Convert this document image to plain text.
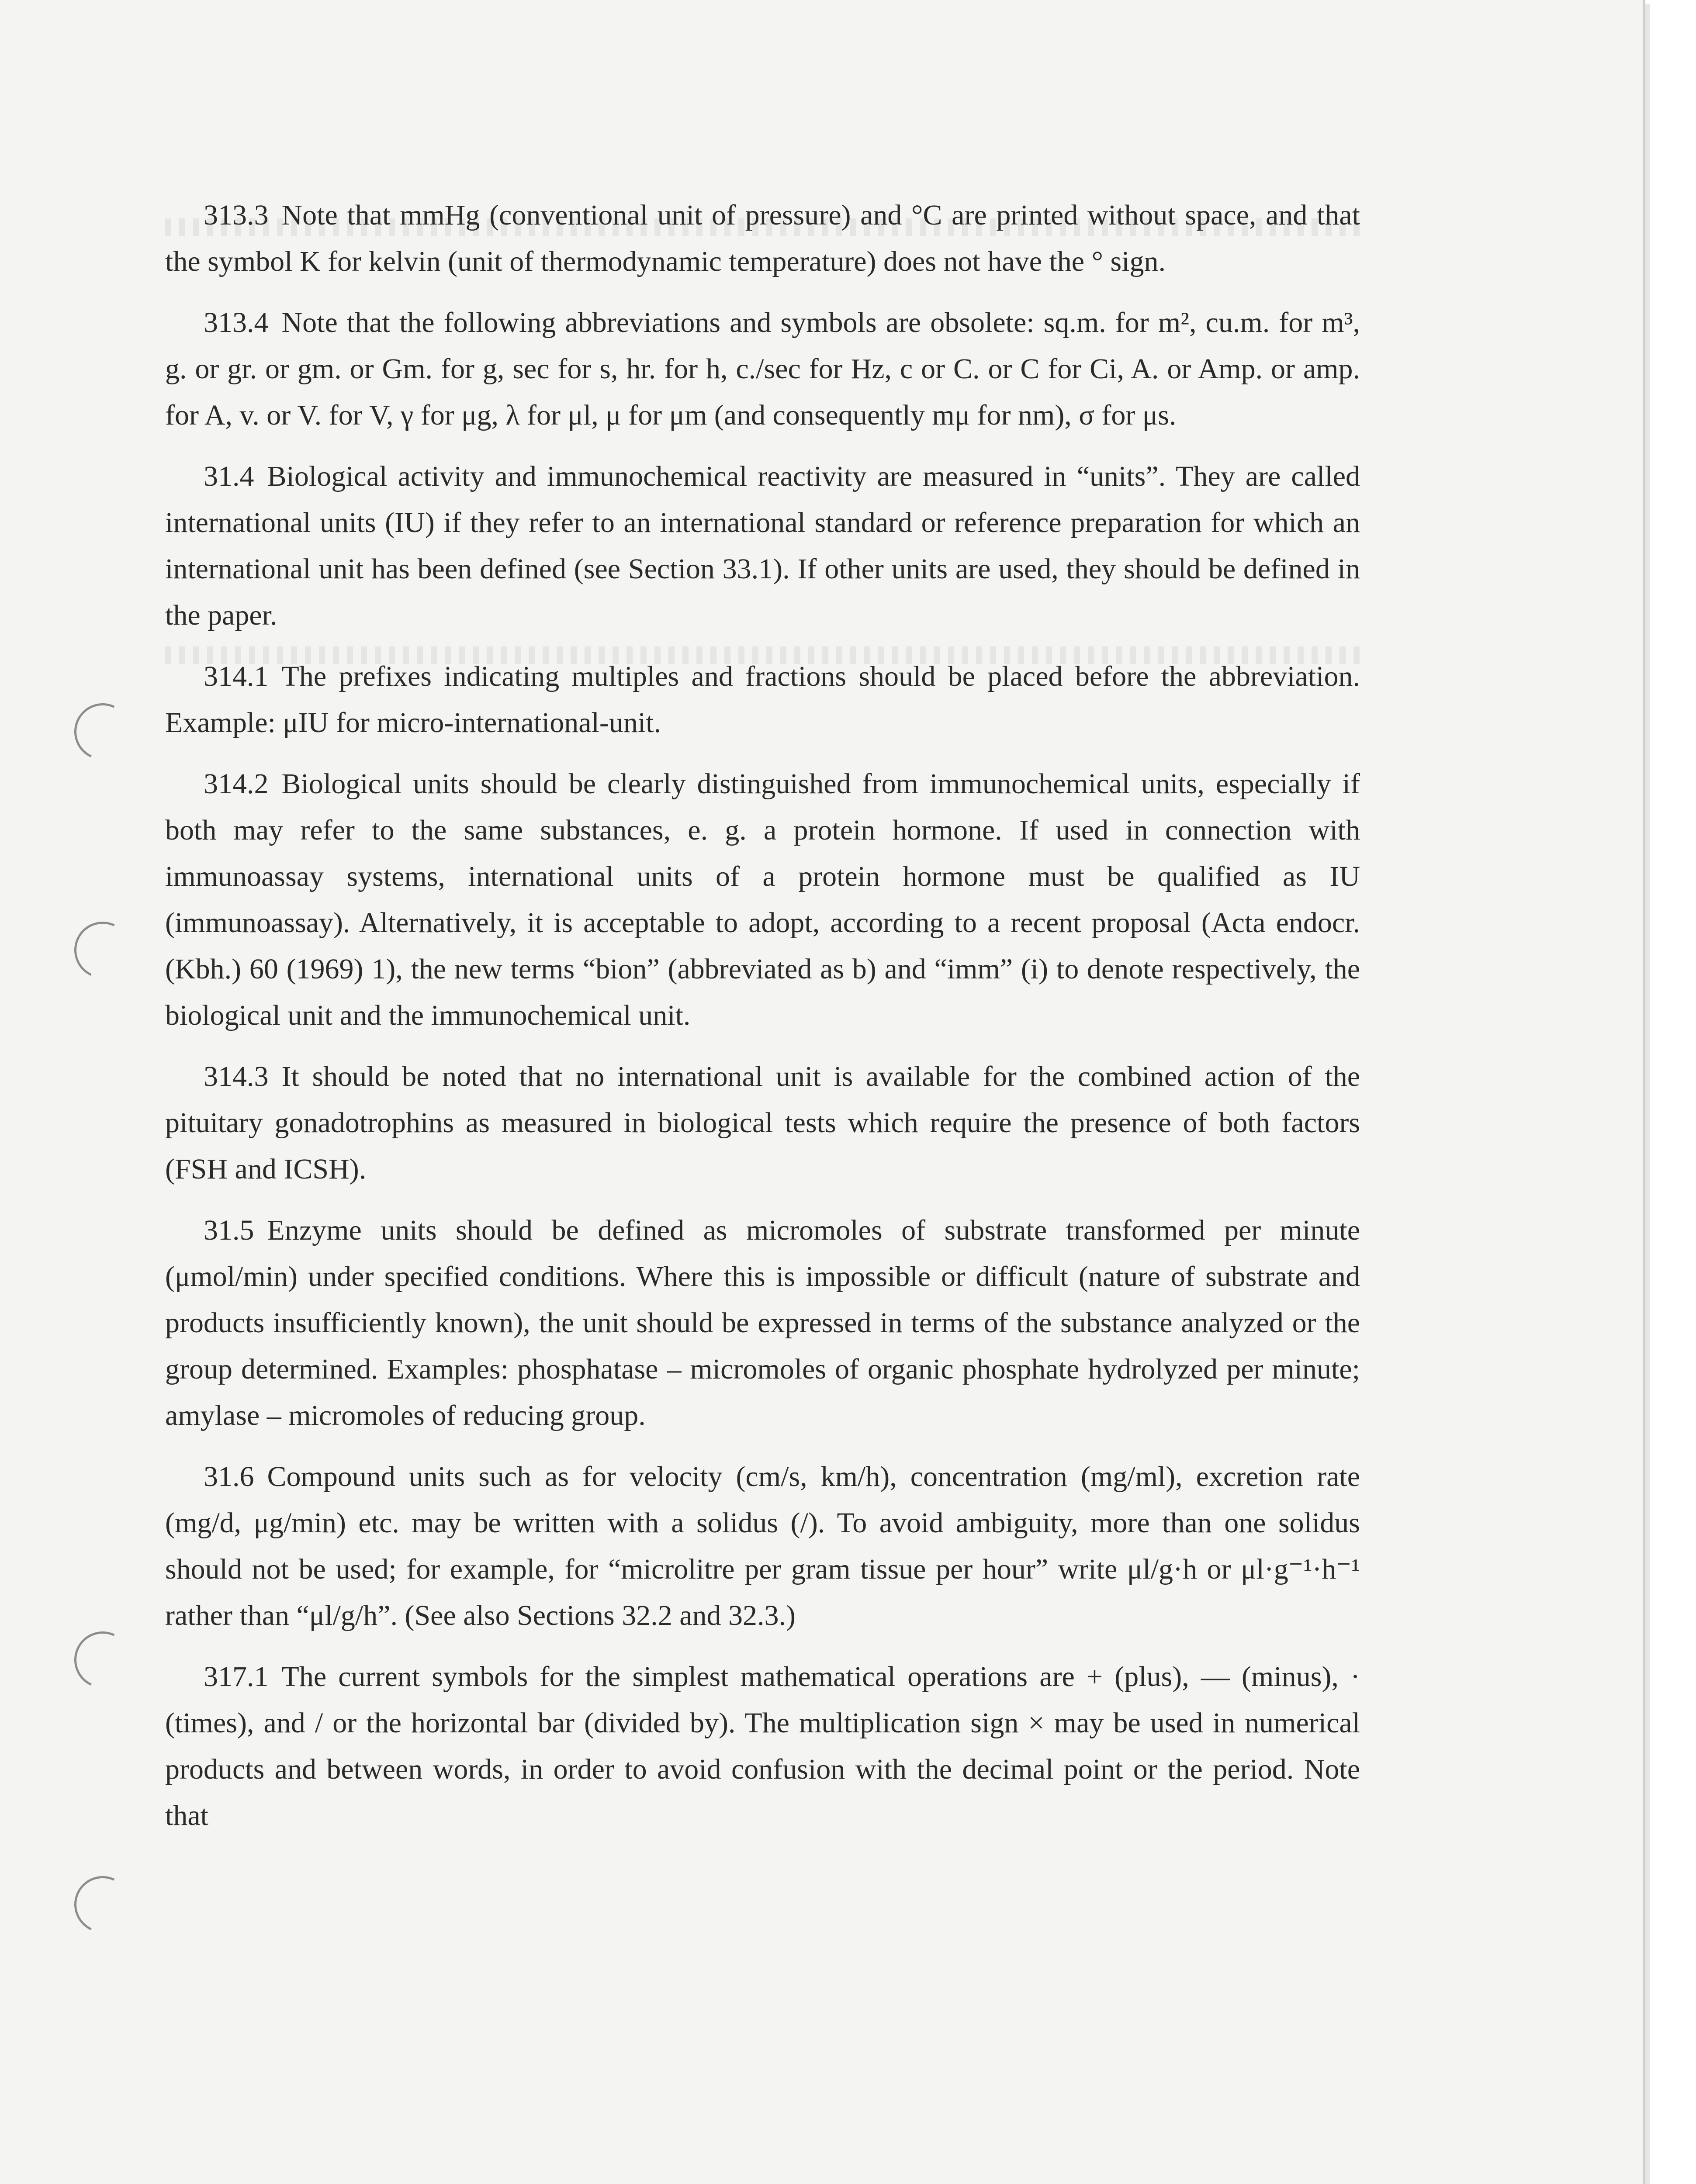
313.3 Note that mmHg (conventional unit of pressure) and °C are printed without space, and that the symbol K for kelvin (unit of thermodynamic temperature) does not have the ° sign.

313.4 Note that the following abbreviations and symbols are obsolete: sq.m. for m², cu.m. for m³, g. or gr. or gm. or Gm. for g, sec for s, hr. for h, c./sec for Hz, c or C. or C for Ci, A. or Amp. or amp. for A, v. or V. for V, γ for μg, λ for μl, μ for μm (and consequently mμ for nm), σ for μs.

31.4 Biological activity and immunochemical reactivity are measured in “units”. They are called international units (IU) if they refer to an international standard or reference preparation for which an international unit has been defined (see Section 33.1). If other units are used, they should be defined in the paper.

314.1 The prefixes indicating multiples and fractions should be placed before the abbreviation. Example: μIU for micro-international-unit.

314.2 Biological units should be clearly distinguished from immunochemical units, especially if both may refer to the same substances, e. g. a protein hormone. If used in connection with immunoassay systems, international units of a protein hormone must be qualified as IU (immunoassay). Alternatively, it is acceptable to adopt, according to a recent proposal (Acta endocr. (Kbh.) 60 (1969) 1), the new terms “bion” (abbreviated as b) and “imm” (i) to denote respectively, the biological unit and the immunochemical unit.

314.3 It should be noted that no international unit is available for the combined action of the pituitary gonadotrophins as measured in biological tests which require the presence of both factors (FSH and ICSH).

31.5 Enzyme units should be defined as micromoles of substrate transformed per minute (μmol/min) under specified conditions. Where this is impossible or difficult (nature of substrate and products insufficiently known), the unit should be expressed in terms of the substance analyzed or the group determined. Examples: phosphatase – micromoles of organic phosphate hydrolyzed per minute; amylase – micromoles of reducing group.

31.6 Compound units such as for velocity (cm/s, km/h), concentration (mg/ml), excretion rate (mg/d, μg/min) etc. may be written with a solidus (/). To avoid ambiguity, more than one solidus should not be used; for example, for “microlitre per gram tissue per hour” write μl/g·h or μl·g⁻¹·h⁻¹ rather than “μl/g/h”. (See also Sections 32.2 and 32.3.)

317.1 The current symbols for the simplest mathematical operations are + (plus), — (minus), · (times), and / or the horizontal bar (divided by). The multiplication sign × may be used in numerical products and between words, in order to avoid confusion with the decimal point or the period. Note that
